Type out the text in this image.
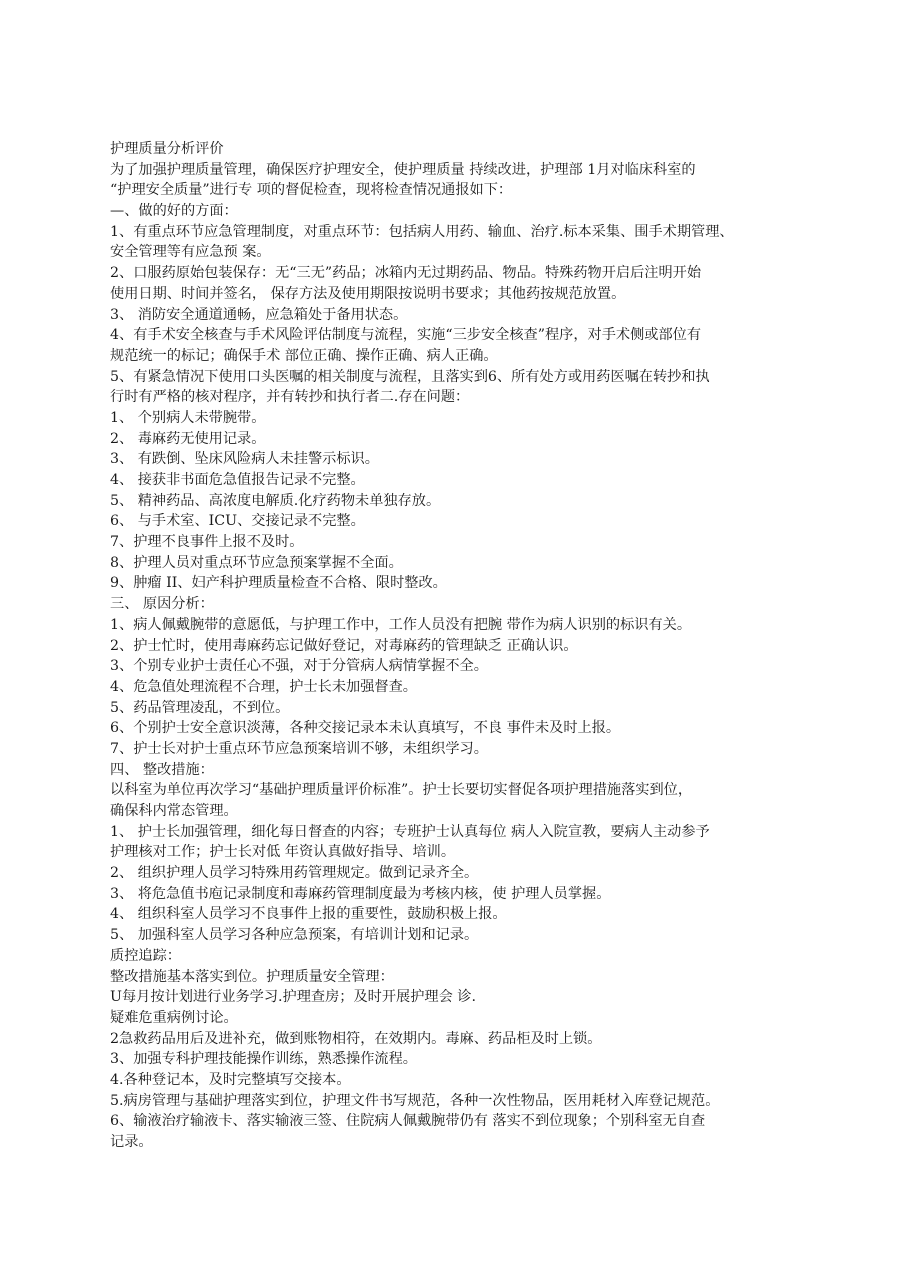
护理质量分析评价
为了加强护理质量管理，确保医疗护理安全，使护理质量 持续改进，护理部 1月对临床科室的
“护理安全质量”进行专 项的督促检查，现将检查情况通报如下：
—、做的好的方面：
1、有重点环节应急管理制度，对重点环节：包括病人用药、输血、治疗.标本采集、围手术期管理、
安全管理等有应急预 案。
2、口服药原始包装保存：无“三无”药品；冰箱内无过期药品、物品。特殊药物开启后注明开始
使用日期、时间并签名， 保存方法及使用期限按说明书要求；其他药按规范放置。
3、 消防安全通道通畅，应急箱处于备用状态。
4、有手术安全核查与手术风险评估制度与流程，实施“三步安全核查”程序，对手术侧或部位有
规范统一的标记；确保手术 部位正确、操作正确、病人正确。
5、有紧急情况下使用口头医嘱的相关制度与流程，且落实到6、所有处方或用药医嘱在转抄和执
行时有严格的核对程序，并有转抄和执行者二.存在问题：
1、 个别病人未带腕带。
2、 毒麻药无使用记录。
3、 有跌倒、坠床风险病人未挂警示标识。
4、 接获非书面危急值报告记录不完整。
5、 精神药品、高浓度电解质.化疗药物未单独存放。
6、 与手术室、ICU、交接记录不完整。
7、护理不良事件上报不及时。
8、护理人员对重点环节应急预案掌握不全面。
9、肿瘤 II、妇产科护理质量检查不合格、限时整改。
三、 原因分析：
1、病人佩戴腕带的意愿低，与护理工作中，工作人员没有把腕 带作为病人识别的标识有关。
2、护士忙时，使用毒麻药忘记做好登记，对毒麻药的管理缺乏 正确认识。
3、个别专业护士责任心不强，对于分管病人病情掌握不全。
4、危急值处理流程不合理，护士长未加强督查。
5、药品管理凌乱，不到位。
6、个别护士安全意识淡薄，各种交接记录本未认真填写，不良 事件未及时上报。
7、护士长对护士重点环节应急预案培训不够，未组织学习。
四、 整改措施：
以科室为单位再次学习“基础护理质量评价标准”。护士长要切实督促各项护理措施落实到位，
确保科内常态管理。
1、 护士长加强管理，细化每日督查的内容；专班护士认真每位 病人入院宣教，要病人主动参予
护理核对工作；护士长对低 年资认真做好指导、培训。
2、 组织护理人员学习特殊用药管理规定。做到记录齐全。
3、 将危急值书庖记录制度和毒麻药管理制度最为考核内核，使 护理人员掌握。
4、 组织科室人员学习不良事件上报的重要性，鼓励积极上报。
5、 加强科室人员学习各种应急预案，有培训计划和记录。
质控追踪：
整改措施基本落实到位。护理质量安全管理：
U每月按计划进行业务学习.护理查房；及时开展护理会 诊.
疑难危重病例讨论。
2急救药品用后及进补充，做到账物相符，在效期内。毒麻、药品柜及时上锁。
3、加强专科护理技能操作训练，熟悉操作流程。
4.各种登记本，及时完整填写交接本。
5.病房管理与基础护理落实到位，护理文件书写规范，各种一次性物品，医用耗材入库登记规范。
6、输液治疗输液卡、落实输液三签、住院病人佩戴腕带仍有 落实不到位现象；个别科室无自查
记录。
